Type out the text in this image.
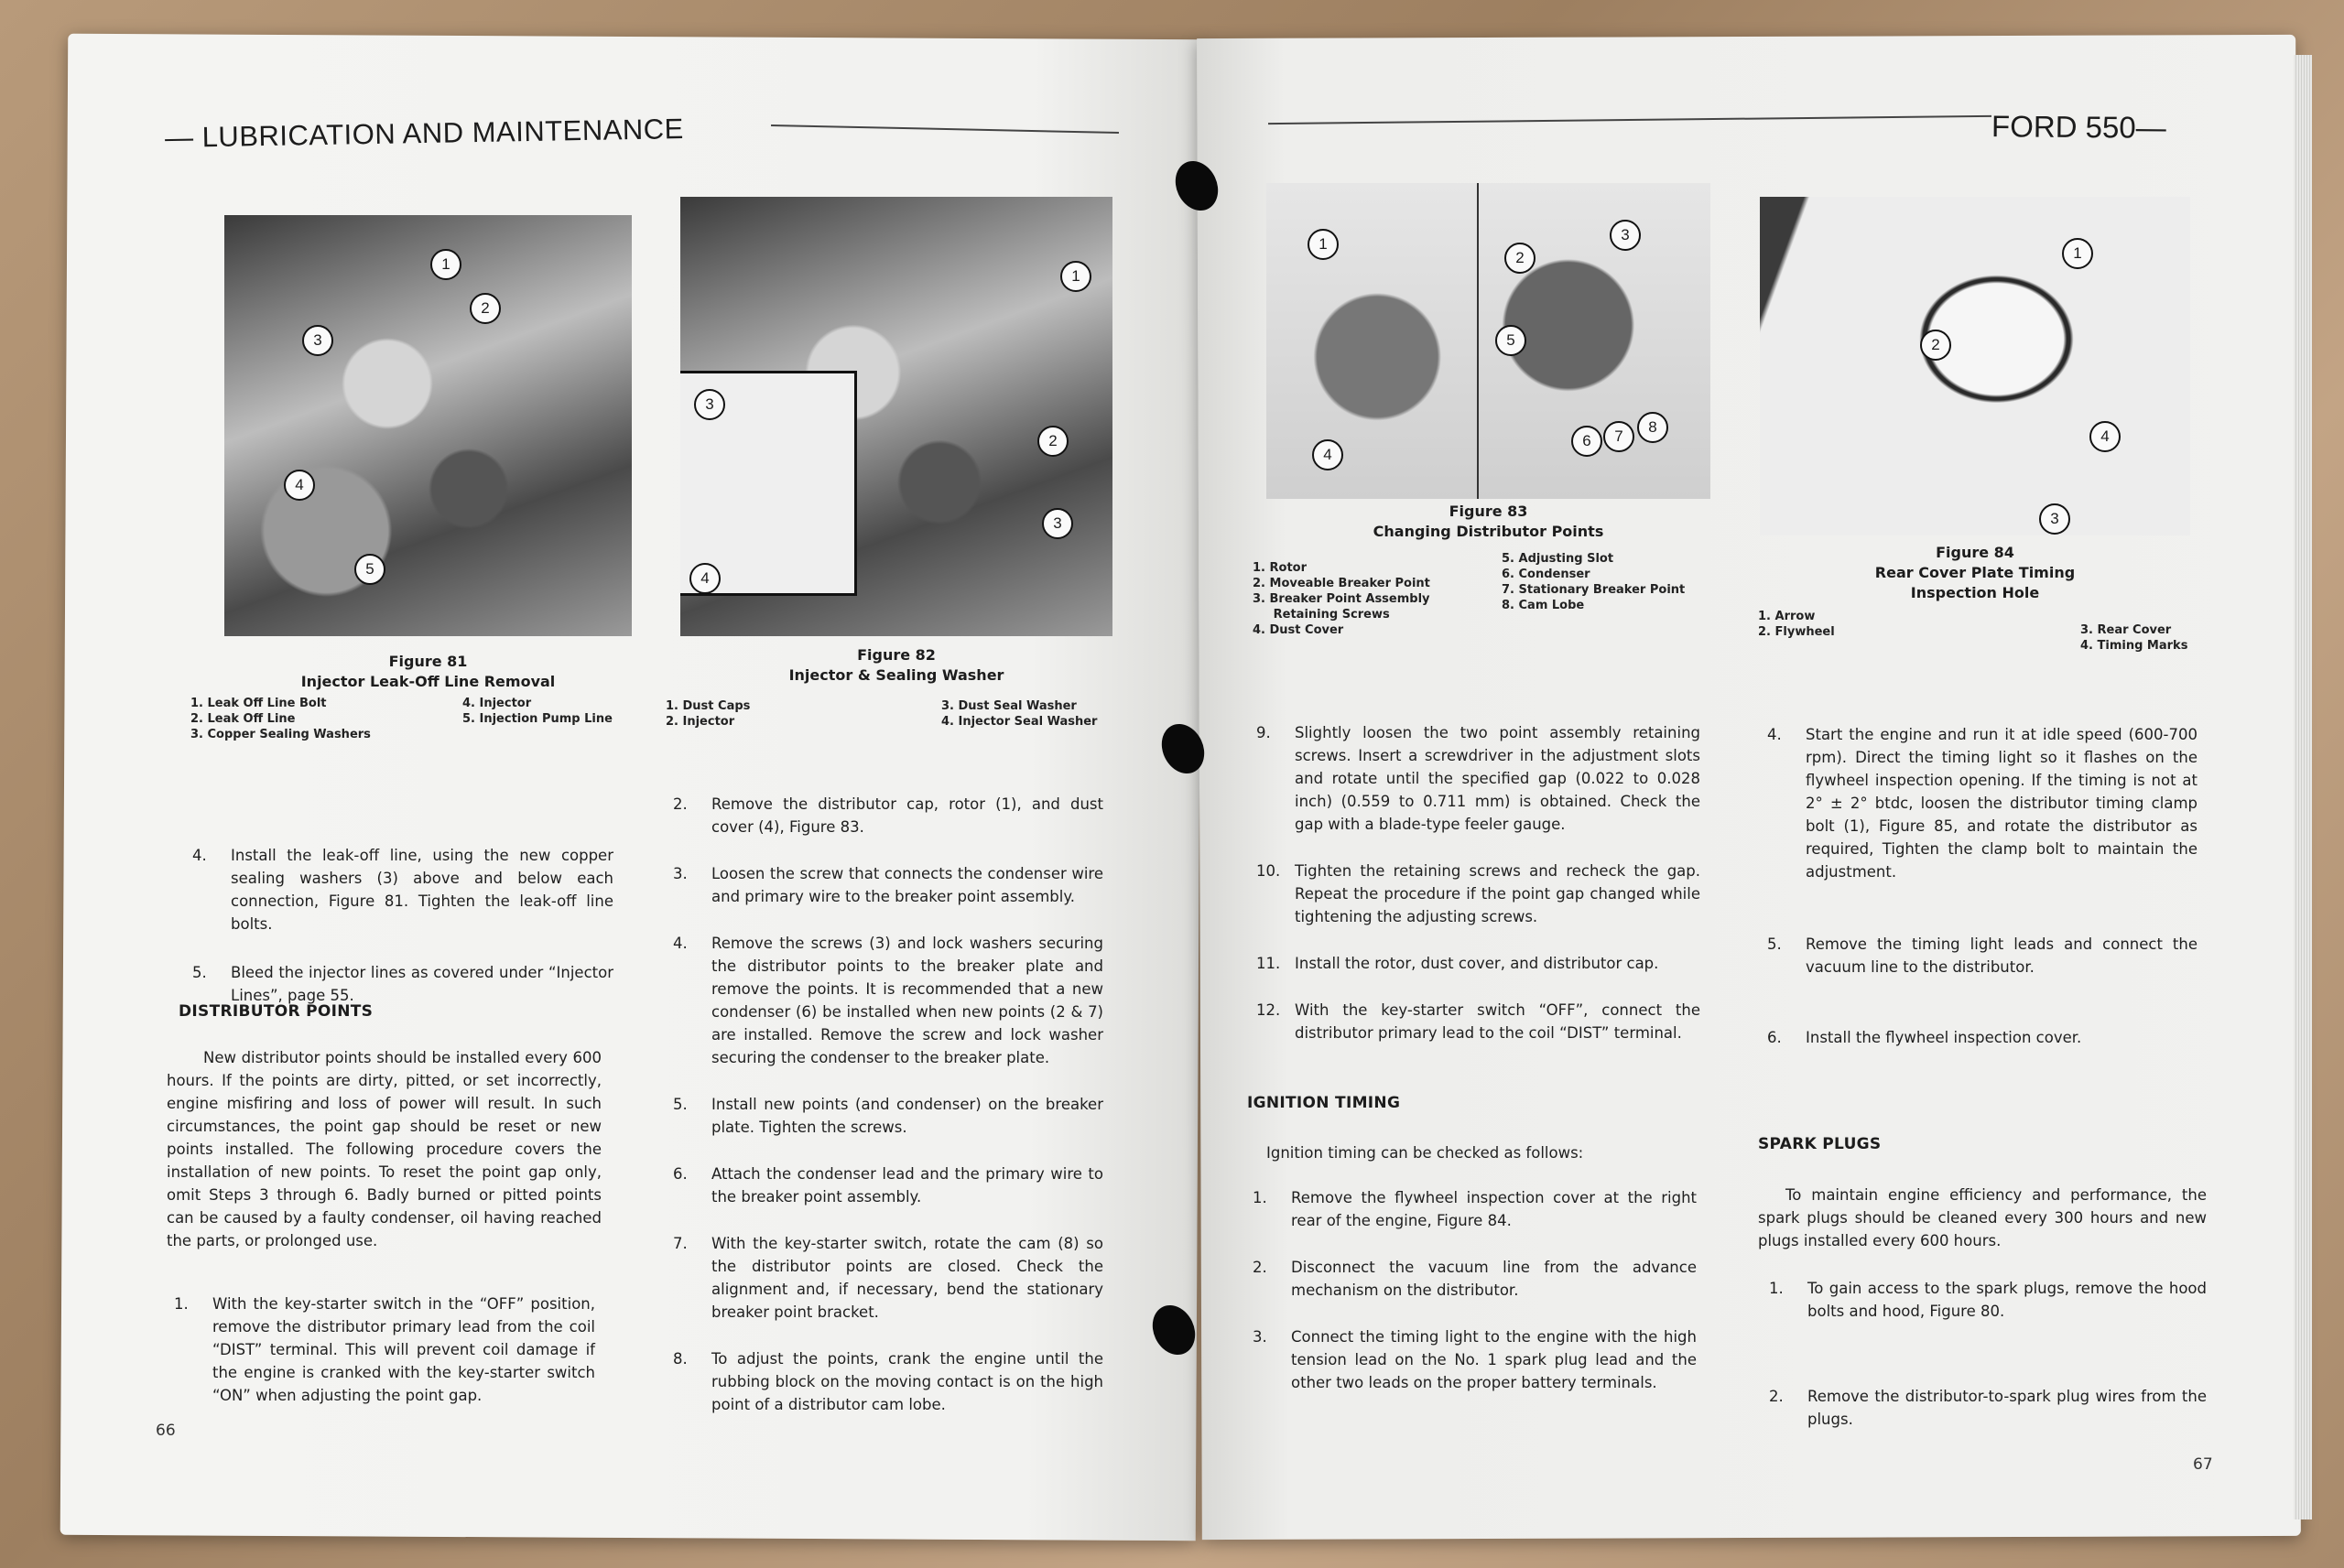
— LUBRICATION AND MAINTENANCE
1
2
3
4
5
Figure 81
Injector Leak-Off Line Removal
1. Leak Off Line Bolt
2. Leak Off Line
3. Copper Sealing Washers
4. Injector
5. Injection Pump Line
1
2
3
3
4
Figure 82
Injector & Sealing Washer
1. Dust Caps
2. Injector
3. Dust Seal Washer
4. Injector Seal Washer
4. Install the leak-off line, using the new copper sealing washers (3) above and below each connection, Figure 81. Tighten the leak-off line bolts.
5. Bleed the injector lines as covered under “Injector Lines”, page 55.
DISTRIBUTOR POINTS
New distributor points should be installed every 600 hours. If the points are dirty, pitted, or set incorrectly, engine misfiring and loss of power will result. In such circumstances, the point gap should be reset or new points installed. The following procedure covers the installation of new points. To reset the point gap only, omit Steps 3 through 6. Badly burned or pitted points can be caused by a faulty condenser, oil having reached the parts, or prolonged use.
1. With the key-starter switch in the “OFF” position, remove the distributor primary lead from the coil “DIST” terminal. This will prevent coil damage if the engine is cranked with the key-starter switch “ON” when adjusting the point gap.
66
2. Remove the distributor cap, rotor (1), and dust cover (4), Figure 83.
3. Loosen the screw that connects the condenser wire and primary wire to the breaker point assembly.
4. Remove the screws (3) and lock washers securing the distributor points to the breaker plate and remove the points. It is recommended that a new condenser (6) be installed when new points (2 & 7) are installed. Remove the screw and lock washer securing the condenser to the breaker plate.
5. Install new points (and condenser) on the breaker plate. Tighten the screws.
6. Attach the condenser lead and the primary wire to the breaker point assembly.
7. With the key-starter switch, rotate the cam (8) so the distributor points are closed. Check the alignment and, if necessary, bend the stationary breaker point bracket.
8. To adjust the points, crank the engine until the rubbing block on the moving contact is on the high point of a distributor cam lobe.
FORD 550—
1
2
3
4
5
6	7
8
Figure 83
Changing Distributor Points
1. Rotor
2. Moveable Breaker Point
3. Breaker Point Assembly
Retaining Screws
4. Dust Cover
5. Adjusting Slot
6. Condenser
7. Stationary Breaker Point
8. Cam Lobe
1
2
3
4
Figure 84
Rear Cover Plate Timing Inspection Hole
1. Arrow
2. Flywheel	3. Rear Cover
4. Timing Marks
9. Slightly loosen the two point assembly retaining screws. Insert a screwdriver in the adjustment slots and rotate until the specified gap (0.022 to 0.028 inch) (0.559 to 0.711 mm) is obtained. Check the gap with a blade-type feeler gauge.
10. Tighten the retaining screws and recheck the gap. Repeat the procedure if the point gap changed while tightening the adjusting screws.
11. Install the rotor, dust cover, and distributor cap.
12. With the key-starter switch “OFF”, connect the distributor primary lead to the coil “DIST” terminal.
IGNITION TIMING
Ignition timing can be checked as follows:
1. Remove the flywheel inspection cover at the right rear of the engine, Figure 84.
2. Disconnect the vacuum line from the advance mechanism on the distributor.
3. Connect the timing light to the engine with the high tension lead on the No. 1 spark plug lead and the other two leads on the proper battery terminals.
4. Start the engine and run it at idle speed (600-700 rpm). Direct the timing light so it flashes on the flywheel inspection opening. If the timing is not at 2° ± 2° btdc, loosen the distributor timing clamp bolt (1), Figure 85, and rotate the distributor as required, Tighten the clamp bolt to maintain the adjustment.
5. Remove the timing light leads and connect the vacuum line to the distributor.
6. Install the flywheel inspection cover.
SPARK PLUGS
To maintain engine efficiency and performance, the spark plugs should be cleaned every 300 hours and new plugs installed every 600 hours.
1. To gain access to the spark plugs, remove the hood bolts and hood, Figure 80.
2. Remove the distributor-to-spark plug wires from the plugs.
67
